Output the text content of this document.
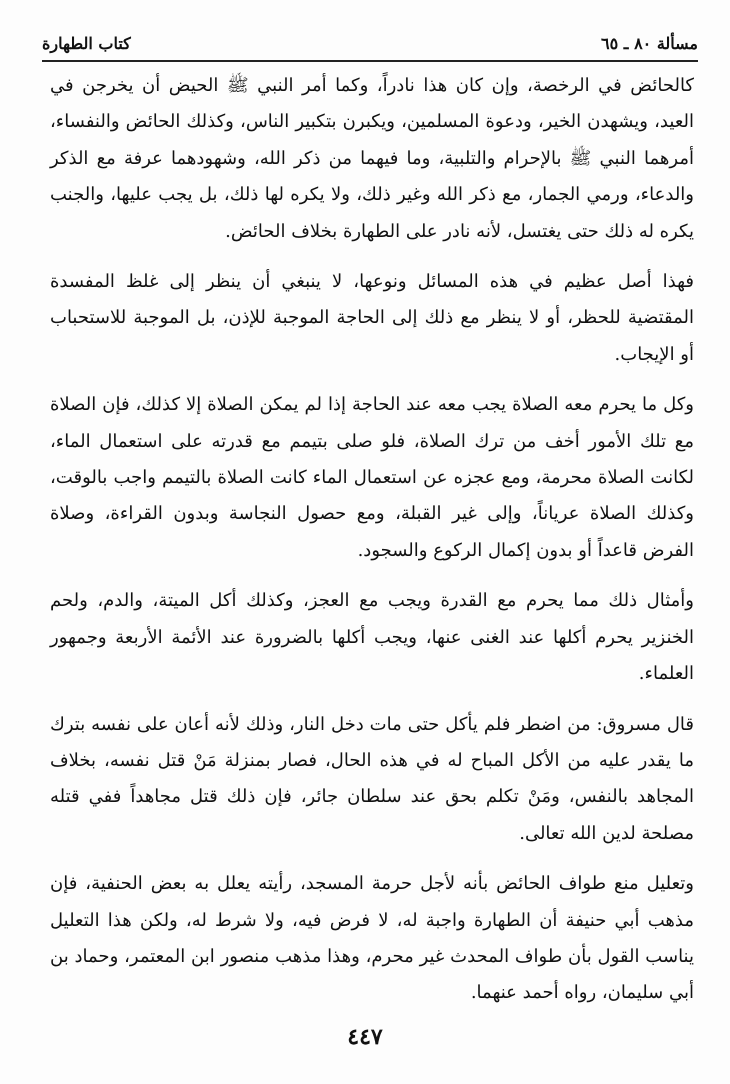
مسألة ٨٠ ـ ٦٥
كتاب الطهارة

كالحائض في الرخصة، وإن كان هذا نادراً، وكما أمر النبي ﷺ الحيض أن يخرجن في العيد، ويشهدن الخير، ودعوة المسلمين، ويكبرن بتكبير الناس، وكذلك الحائض والنفساء، أمرهما النبي ﷺ بالإحرام والتلبية، وما فيهما من ذكر الله، وشهودهما عرفة مع الذكر والدعاء، ورمي الجمار، مع ذكر الله وغير ذلك، ولا يكره لها ذلك، بل يجب عليها، والجنب يكره له ذلك حتى يغتسل، لأنه نادر على الطهارة بخلاف الحائض.

فهذا أصل عظيم في هذه المسائل ونوعها، لا ينبغي أن ينظر إلى غلظ المفسدة المقتضية للحظر، أو لا ينظر مع ذلك إلى الحاجة الموجبة للإذن، بل الموجبة للاستحباب أو الإيجاب.

وكل ما يحرم معه الصلاة يجب معه عند الحاجة إذا لم يمكن الصلاة إلا كذلك، فإن الصلاة مع تلك الأمور أخف من ترك الصلاة، فلو صلى بتيمم مع قدرته على استعمال الماء، لكانت الصلاة محرمة، ومع عجزه عن استعمال الماء كانت الصلاة بالتيمم واجب بالوقت، وكذلك الصلاة عرياناً، وإلى غير القبلة، ومع حصول النجاسة وبدون القراءة، وصلاة الفرض قاعداً أو بدون إكمال الركوع والسجود.

وأمثال ذلك مما يحرم مع القدرة ويجب مع العجز، وكذلك أكل الميتة، والدم، ولحم الخنزير يحرم أكلها عند الغنى عنها، ويجب أكلها بالضرورة عند الأئمة الأربعة وجمهور العلماء.

قال مسروق: من اضطر فلم يأكل حتى مات دخل النار، وذلك لأنه أعان على نفسه بترك ما يقدر عليه من الأكل المباح له في هذه الحال، فصار بمنزلة مَنْ قتل نفسه، بخلاف المجاهد بالنفس، ومَنْ تكلم بحق عند سلطان جائر، فإن ذلك قتل مجاهداً ففي قتله مصلحة لدين الله تعالى.

وتعليل منع طواف الحائض بأنه لأجل حرمة المسجد، رأيته يعلل به بعض الحنفية، فإن مذهب أبي حنيفة أن الطهارة واجبة له، لا فرض فيه، ولا شرط له، ولكن هذا التعليل يناسب القول بأن طواف المحدث غير محرم، وهذا مذهب منصور ابن المعتمر، وحماد بن أبي سليمان، رواه أحمد عنهما.

٤٤٧
